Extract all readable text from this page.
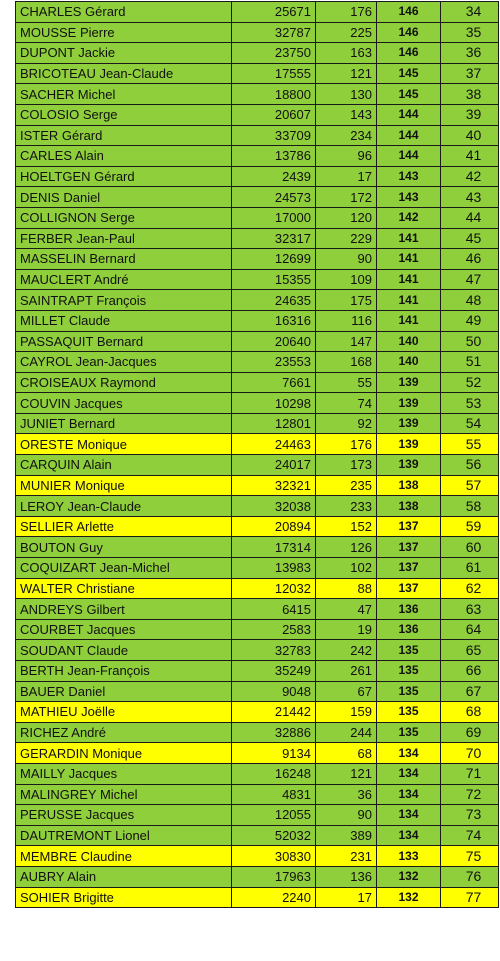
CHARLES Gérard	25671	176	146	34
MOUSSE Pierre	32787	225	146	35
DUPONT Jackie	23750	163	146	36
BRICOTEAU Jean-Claude	17555	121	145	37
SACHER Michel	18800	130	145	38
COLOSIO Serge	20607	143	144	39
ISTER Gérard	33709	234	144	40
CARLES Alain	13786	96	144	41
HOELTGEN Gérard	2439	17	143	42
DENIS Daniel	24573	172	143	43
COLLIGNON Serge	17000	120	142	44
FERBER Jean-Paul	32317	229	141	45
MASSELIN Bernard	12699	90	141	46
MAUCLERT André	15355	109	141	47
SAINTRAPT François	24635	175	141	48
MILLET Claude	16316	116	141	49
PASSAQUIT Bernard	20640	147	140	50
CAYROL Jean-Jacques	23553	168	140	51
CROISEAUX Raymond	7661	55	139	52
COUVIN Jacques	10298	74	139	53
JUNIET Bernard	12801	92	139	54
ORESTE Monique	24463	176	139	55
CARQUIN Alain	24017	173	139	56
MUNIER Monique	32321	235	138	57
LEROY Jean-Claude	32038	233	138	58
SELLIER Arlette	20894	152	137	59
BOUTON Guy	17314	126	137	60
COQUIZART Jean-Michel	13983	102	137	61
WALTER Christiane	12032	88	137	62
ANDREYS Gilbert	6415	47	136	63
COURBET Jacques	2583	19	136	64
SOUDANT Claude	32783	242	135	65
BERTH Jean-François	35249	261	135	66
BAUER Daniel	9048	67	135	67
MATHIEU Joëlle	21442	159	135	68
RICHEZ André	32886	244	135	69
GERARDIN Monique	9134	68	134	70
MAILLY Jacques	16248	121	134	71
MALINGREY Michel	4831	36	134	72
PERUSSE Jacques	12055	90	134	73
DAUTREMONT Lionel	52032	389	134	74
MEMBRE Claudine	30830	231	133	75
AUBRY Alain	17963	136	132	76
SOHIER Brigitte	2240	17	132	77
